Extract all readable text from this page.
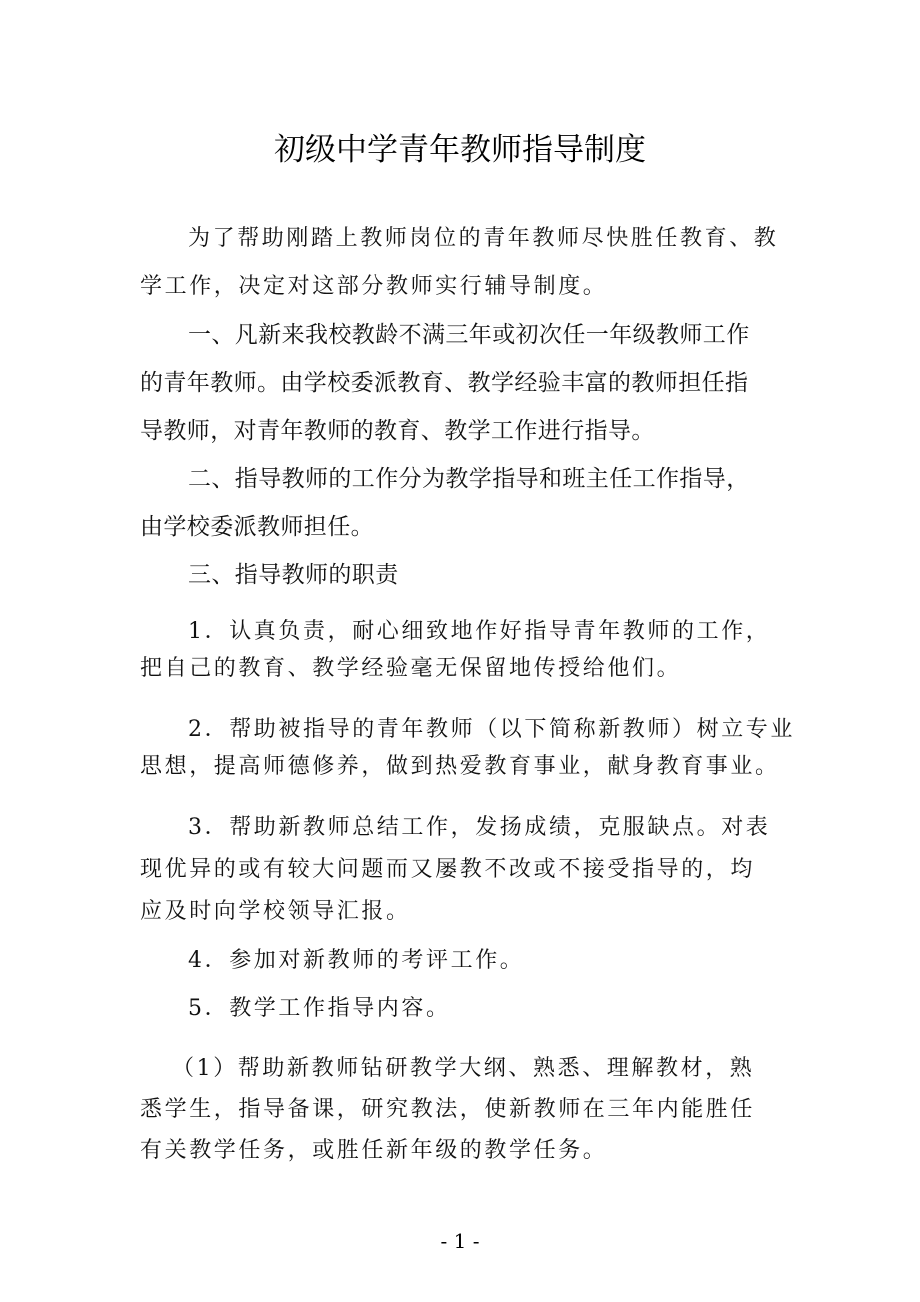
初级中学青年教师指导制度
为了帮助刚踏上教师岗位的青年教师尽快胜任教育、教
学工作，决定对这部分教师实行辅导制度。
一、凡新来我校教龄不满三年或初次任一年级教师工作
的青年教师。由学校委派教育、教学经验丰富的教师担任指
导教师，对青年教师的教育、教学工作进行指导。
二、指导教师的工作分为教学指导和班主任工作指导，
由学校委派教师担任。
三、指导教师的职责
1．认真负责，耐心细致地作好指导青年教师的工作，
把自己的教育、教学经验毫无保留地传授给他们。
2．帮助被指导的青年教师（以下简称新教师）树立专业
思想，提高师德修养，做到热爱教育事业，献身教育事业。
3．帮助新教师总结工作，发扬成绩，克服缺点。对表
现优异的或有较大问题而又屡教不改或不接受指导的，均
应及时向学校领导汇报。
4．参加对新教师的考评工作。
5．教学工作指导内容。
（1）帮助新教师钻研教学大纲、熟悉、理解教材，熟
悉学生，指导备课，研究教法，使新教师在三年内能胜任
有关教学任务，或胜任新年级的教学任务。
- 1 -
